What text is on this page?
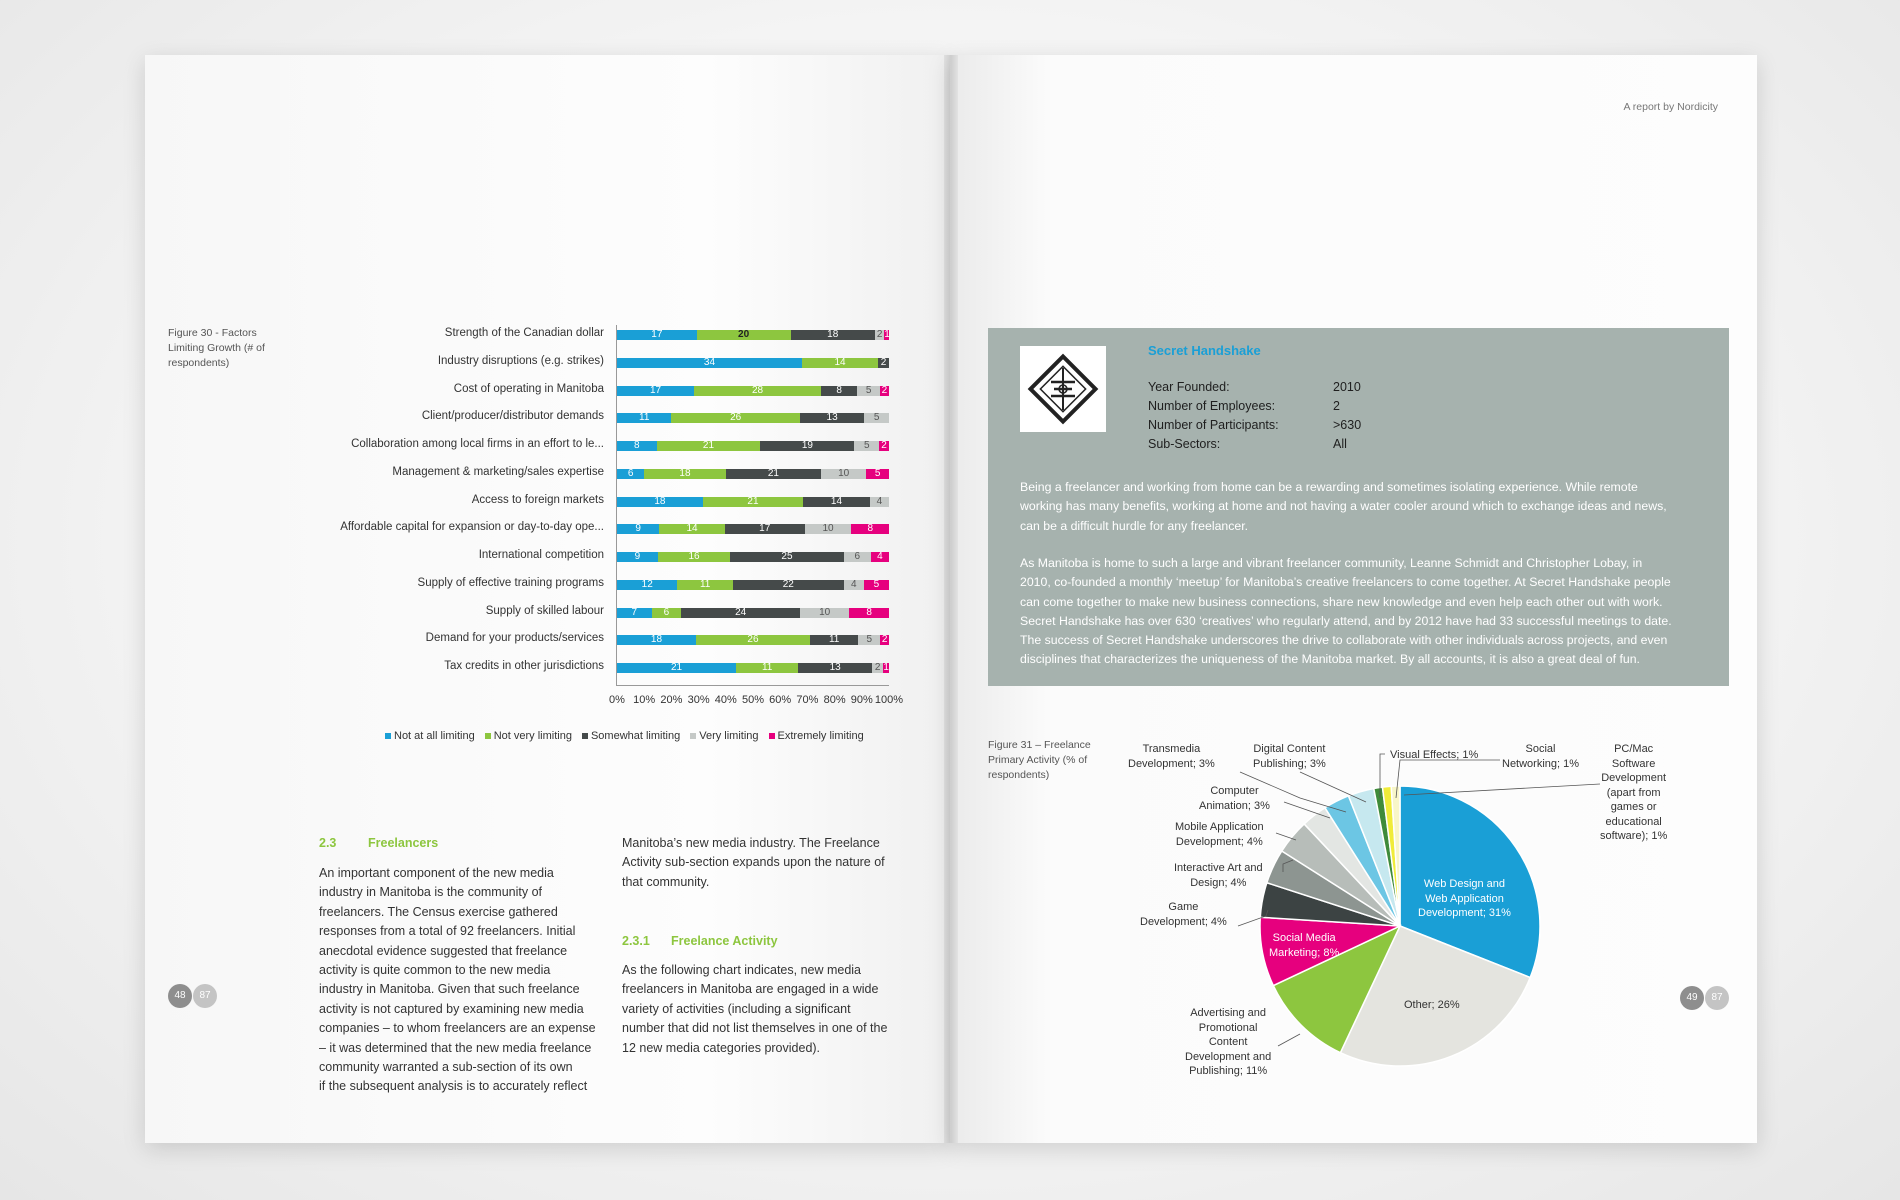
Figure 30 - Factors
Limiting Growth (# of
respondents)
Strength of the Canadian dollar	17	20	18	2 1
Industry disruptions (e.g. strikes)	34	14	2
Cost of operating in Manitoba	17	28	8	5	2
Client/producer/distributor demands	11	26	13	5
Collaboration among local firms in an effort to le...	8	21	19	5	2
Management & marketing/sales expertise	6	18	21	10	5
Access to foreign markets	18	21	14	4
Affordable capital for expansion or day-to-day ope...	9	14	17	10	8
International competition	9	16	25	6	4
Supply of effective training programs	12	11	22	4	5
Supply of skilled labour	7	6	24	10	8
Demand for your products/services	18	26	11	5 2
Tax credits in other jurisdictions	21	11	13	2 1
0% 10% 20% 30% 40% 50% 60% 70% 80% 90% 100%
Not at all limiting	Not very limiting	Somewhat limiting	Very limiting	Extremely limiting
2.3	Freelancers
An important component of the new media
industry in Manitoba is the community of
freelancers. The Census exercise gathered
responses from a total of 92 freelancers. Initial
anecdotal evidence suggested that freelance
activity is quite common to the new media
industry in Manitoba. Given that such freelance
activity is not captured by examining new media
companies – to whom freelancers are an expense
– it was determined that the new media freelance
community warranted a sub-section of its own
if the subsequent analysis is to accurately reflect
Manitoba’s new media industry. The Freelance
Activity sub-section expands upon the nature of
that community.
2.3.1 Freelance Activity
As the following chart indicates, new media
freelancers in Manitoba are engaged in a wide
variety of activities (including a significant
number that did not list themselves in one of the
12 new media categories provided).
48	87
A report by Nordicity
Secret Handshake
Year Founded:	2010
Number of Employees:	2
Number of Participants:	>630
Sub-Sectors:	All
Being a freelancer and working from home can be a rewarding and sometimes isolating experience. While remote
working has many benefits, working at home and not having a water cooler around which to exchange ideas and news,
can be a difficult hurdle for any freelancer.
As Manitoba is home to such a large and vibrant freelancer community, Leanne Schmidt and Christopher Lobay, in
2010, co-founded a monthly ‘meetup’ for Manitoba’s creative freelancers to come together. At Secret Handshake people
can come together to make new business connections, share new knowledge and even help each other out with work.
Secret Handshake has over 630 ‘creatives’ who regularly attend, and by 2012 have had 33 successful meetings to date.
The success of Secret Handshake underscores the drive to collaborate with other individuals across projects, and even
disciplines that characterizes the uniqueness of the Manitoba market. By all accounts, it is also a great deal of fun.
Figure 31 – Freelance
Primary Activity (% of
respondents)
Transmedia
Development; 3%
Digital Content
Publishing; 3%
Visual Effects; 1%	Social
Networking; 1%
PC/Mac
Software
Development
(apart from
games or
educational
software); 1%
Computer
Animation; 3%
Mobile Application
Development; 4%
Interactive Art and
Design; 4%
Game
Development; 4%
Advertising and
Promotional
Content
Development and
Publishing; 11%
Web Design and
Web Application
Development; 31%
Social Media
Marketing; 8%
Other; 26%
49	87
